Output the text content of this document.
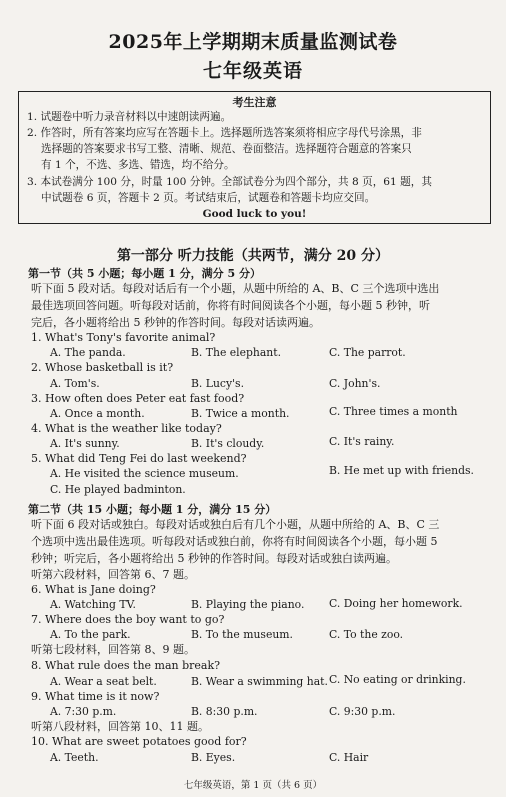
2025年上学期期末质量监测试卷
七年级英语
考生注意
1. 试题卷中听力录音材料以中速朗读两遍。
2. 作答时，所有答案均应写在答题卡上。选择题所选答案须将相应字母代号涂黑，非
选择题的答案要求书写工整、清晰、规范、卷面整洁。选择题符合题意的答案只
有 1 个，不选、多选、错选，均不给分。
3. 本试卷满分 100 分，时量 100 分钟。全部试卷分为四个部分，共 8 页，61 题，其
中试题卷 6 页，答题卡 2 页。考试结束后，试题卷和答题卡均应交回。
Good luck to you!
第一部分 听力技能（共两节，满分 20 分）
第一节（共 5 小题；每小题 1 分，满分 5 分）
听下面 5 段对话。每段对话后有一个小题，从题中所给的 A、B、C 三个选项中选出
最佳选项回答问题。听每段对话前，你将有时间阅读各个小题，每小题 5 秒钟，听
完后，各小题将给出 5 秒钟的作答时间。每段对话读两遍。
1. What's Tony's favorite animal?
A. The panda.	B. The elephant.	C. The parrot.
2. Whose basketball is it?
A. Tom's.	B. Lucy's.	C. John's.
3. How often does Peter eat fast food?
A. Once a month.	B. Twice a month.	C. Three times a month
4. What is the weather like today?
A. It's sunny.	B. It's cloudy.	C. It's rainy.
5. What did Teng Fei do last weekend?
A. He visited the science museum.	B. He met up with friends.
C. He played badminton.
第二节（共 15 小题；每小题 1 分，满分 15 分）
听下面 6 段对话或独白。每段对话或独白后有几个小题，从题中所给的 A、B、C 三
个选项中选出最佳选项。听每段对话或独白前，你将有时间阅读各个小题，每小题 5
秒钟；听完后，各小题将给出 5 秒钟的作答时间。每段对话或独白读两遍。
听第六段材料，回答第 6、7 题。
6. What is Jane doing?
A. Watching TV.	B. Playing the piano. C. Doing her homework.
7. Where does the boy want to go?
A. To the park.	B. To the museum.	C. To the zoo.
听第七段材料，回答第 8、9 题。
8. What rule does the man break?
A. Wear a seat belt.	B. Wear a swimming hat. C. No eating or drinking.
9. What time is it now?
A. 7:30 p.m.	B. 8:30 p.m.	C. 9:30 p.m.
听第八段材料，回答第 10、11 题。
10. What are sweet potatoes good for?
A. Teeth.	B. Eyes.	C. Hair
七年级英语，第 1 页（共 6 页）
